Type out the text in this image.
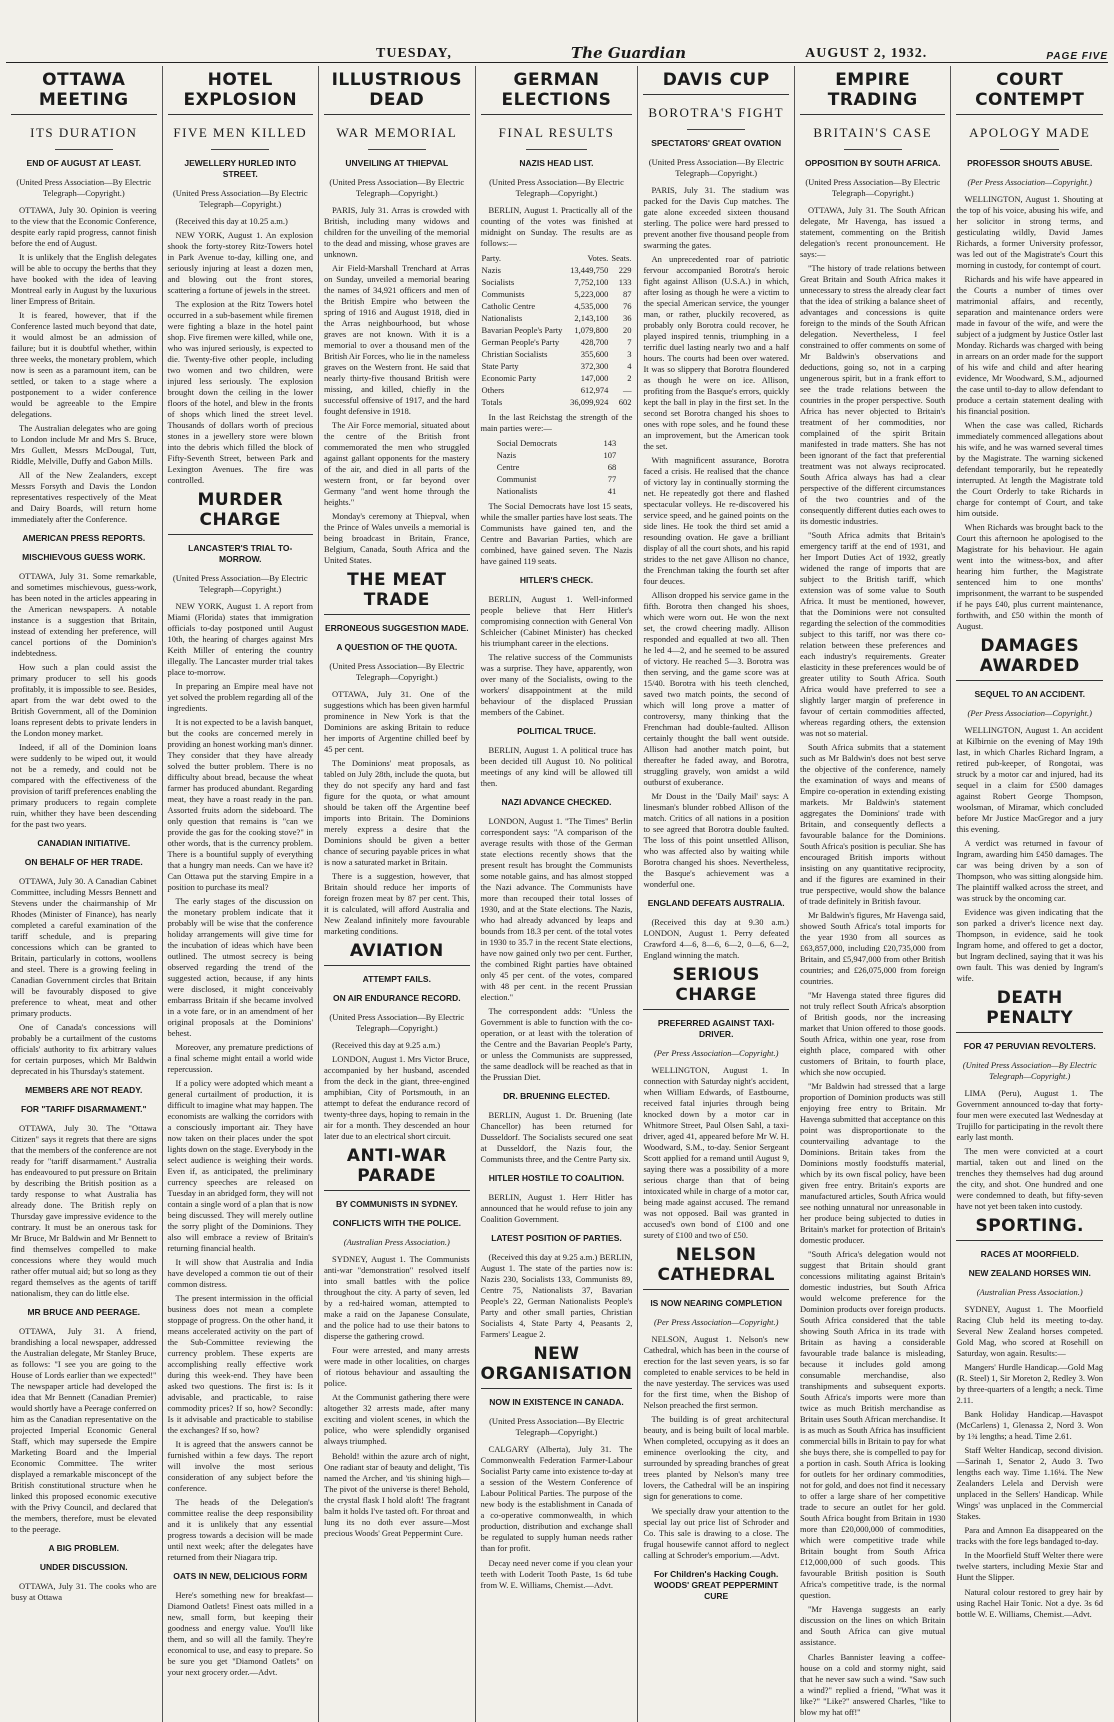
TUESDAY,	The Guardian	AUGUST 2, 1932.	PAGE FIVE
OTTAWA MEETING
ITS DURATION
END OF AUGUST AT LEAST.
(United Press Association—By Electric Telegraph—Copyright.)

OTTAWA, July 30. Opinion is veering to the view that the Economic Conference, despite early rapid progress, cannot finish before the end of August.

It is unlikely that the English delegates will be able to occupy the berths that they have booked with the idea of leaving Montreal early in August by the luxurious liner Empress of Britain.

It is feared, however, that if the Conference lasted much beyond that date, it would almost be an admission of failure; but it is doubtful whether, within three weeks, the monetary problem, which now is seen as a paramount item, can be settled, or taken to a stage where a postponement to a wider conference would be agreeable to the Empire delegations.

The Australian delegates who are going to London include Mr and Mrs S. Bruce, Mrs Gullett, Messrs McDougal, Tutt, Riddle, Melville, Duffy and Gabon Mills.

All of the New Zealanders, except Messrs Forsyth and Davis the London representatives respectively of the Meat and Dairy Boards, will return home immediately after the Conference.

AMERICAN PRESS REPORTS.
MISCHIEVOUS GUESS WORK.

OTTAWA, July 31. Some remarkable, and sometimes mischievous, guess-work, has been noted in the articles appearing in the American newspapers. A notable instance is a suggestion that Britain, instead of extending her preference, will cancel portions of the Dominion's indebtedness.

How such a plan could assist the primary producer to sell his goods profitably, it is impossible to see. Besides, apart from the war debt owed to the British Government, all of the Dominion loans represent debts to private lenders in the London money market.

Indeed, if all of the Dominion loans were suddenly to be wiped out, it would not be a remedy, and could not be compared with the effectiveness of the provision of tariff preferences enabling the primary producers to regain complete ruin, whither they have been descending for the past two years.

CANADIAN INITIATIVE.
ON BEHALF OF HER TRADE.

OTTAWA, July 30. A Canadian Cabinet Committee, including Messrs Bennett and Stevens under the chairmanship of Mr Rhodes (Minister of Finance), has nearly completed a careful examination of the tariff schedule, and is preparing concessions which can be granted to Britain, particularly in cottons, woollens and steel. There is a growing feeling in Canadian Government circles that Britain will be favourably disposed to give preference to wheat, meat and other primary products.

One of Canada's concessions will probably be a curtailment of the customs officials' authority to fix arbitrary values for certain purposes, which Mr Baldwin deprecated in his Thursday's statement.

MEMBERS ARE NOT READY.
FOR "TARIFF DISARMAMENT."

OTTAWA, July 30. The "Ottawa Citizen" says it regrets that there are signs that the members of the conference are not ready for "tariff disarmament." Australia has endeavoured to put pressure on Britain by describing the British position as a tardy response to what Australia has already done. The British reply on Thursday gave impressive evidence to the contrary. It must be an onerous task for Mr Bruce, Mr Baldwin and Mr Bennett to find themselves compelled to make concessions where they would much rather offer mutual aid; but so long as they regard themselves as the agents of tariff nationalism, they can do little else.

MR BRUCE AND PEERAGE.

OTTAWA, July 31. A friend, brandishing a local newspaper, addressed the Australian delegate, Mr Stanley Bruce, as follows: "I see you are going to the House of Lords earlier than we expected!" The newspaper article had developed the idea that Mr Bennett (Canadian Premier) would shortly have a Peerage conferred on him as the Canadian representative on the projected Imperial Economic General Staff, which may supersede the Empire Marketing Board and the Imperial Economic Committee. The writer displayed a remarkable misconcept of the British constitutional structure when he linked this proposed economic executive with the Privy Council, and declared that the members, therefore, must be elevated to the peerage.

A BIG PROBLEM.
UNDER DISCUSSION.

OTTAWA, July 31. The cooks who are busy at Ottawa

HOTEL EXPLOSION
FIVE MEN KILLED
JEWELLERY HURLED INTO STREET.
(United Press Association—By Electric Telegraph—Copyright.)

(Received this day at 10.25 a.m.)

NEW YORK, August 1. An explosion shook the forty-storey Ritz-Towers hotel in Park Avenue to-day, killing one, and seriously injuring at least a dozen men, and blowing out the front stores, scattering a fortune of jewels in the street.

The explosion at the Ritz Towers hotel occurred in a sub-basement while firemen were fighting a blaze in the hotel paint shop. Five firemen were killed, while one, who was injured seriously, is expected to die. Twenty-five other people, including two women and two children, were injured less seriously. The explosion brought down the ceiling in the lower floors of the hotel, and blew in the fronts of shops which lined the street level. Thousands of dollars worth of precious stones in a jewellery store were blown into the debris which filled the block of Fifty-Seventh Street, between Park and Lexington Avenues. The fire was controlled.

MURDER CHARGE
LANCASTER'S TRIAL TO-MORROW.
(United Press Association—By Electric Telegraph—Copyright.)

NEW YORK, August 1. A report from Miami (Florida) states that immigration officials to-day postponed until August 10th, the hearing of charges against Mrs Keith Miller of entering the country illegally. The Lancaster murder trial takes place to-morrow.

In preparing an Empire meal have not yet solved the problem regarding all of the ingredients.

It is not expected to be a lavish banquet, but the cooks are concerned merely in providing an honest working man's dinner. They consider that they have already solved the butter problem. There is no difficulty about bread, because the wheat farmer has produced abundant. Regarding meat, they have a roast ready in the pan. Assorted fruits adorn the sideboard. The only question that remains is "can we provide the gas for the cooking stove?" in other words, that is the currency problem. There is a bountiful supply of everything that a hungry man needs. Can we have it? Can Ottawa put the starving Empire in a position to purchase its meal?

The early stages of the discussion on the monetary problem indicate that it probably will be wise that the conference holiday arrangements will give time for the incubation of ideas which have been outlined. The utmost secrecy is being observed regarding the trend of the suggested action, because, if any hints were disclosed, it might conceivably embarrass Britain if she became involved in a vote fare, or in an amendment of her original proposals at the Dominions' behest.

Moreover, any premature predictions of a final scheme might entail a world wide repercussion.

If a policy were adopted which meant a general curtailment of production, it is difficult to imagine what may happen. The economists are walking the corridors with a consciously important air. They have now taken on their places under the spot lights down on the stage. Everybody in the select audience is weighing their words. Even if, as anticipated, the preliminary currency speeches are released on Tuesday in an abridged form, they will not contain a single word of a plan that is now being discussed. They will merely outline the sorry plight of the Dominions. They also will embrace a review of Britain's returning financial health.

It will show that Australia and India have developed a common tie out of their common distress.

The present intermission in the official business does not mean a complete stoppage of progress. On the other hand, it means accelerated activity on the part of the Sub-Committee reviewing the currency problem. These experts are accomplishing really effective work during this week-end. They have been asked two questions. The first is: Is it advisable, and practicable, to raise commodity prices? If so, how? Secondly: Is it advisable and practicable to stabilise the exchanges? If so, how?

It is agreed that the answers cannot be furnished within a few days. The report will involve the most serious consideration of any subject before the conference.

The heads of the Delegation's committee realise the deep responsibility and it is unlikely that any essential progress towards a decision will be made until next week; after the delegates have returned from their Niagara trip.

OATS IN NEW, DELICIOUS FORM

Here's something new for breakfast—Diamond Oatlets! Finest oats milled in a new, small form, but keeping their goodness and energy value. You'll like them, and so will all the family. They're economical to use, and easy to prepare. So be sure you get "Diamond Oatlets" on your next grocery order.—Advt.

ILLUSTRIOUS DEAD
WAR MEMORIAL
UNVEILING AT THIEPVAL
(United Press Association—By Electric Telegraph—Copyright.)

PARIS, July 31. Arras is crowded with British, including many widows and children for the unveiling of the memorial to the dead and missing, whose graves are unknown.

Air Field-Marshall Trenchard at Arras on Sunday, unveiled a memorial bearing the names of 34,921 officers and men of the British Empire who between the spring of 1916 and August 1918, died in the Arras neighbourhood, but whose graves are not known. With it is a memorial to over a thousand men of the British Air Forces, who lie in the nameless graves on the Western front. He said that nearly thirty-five thousand British were missing, and killed, chiefly in the successful offensive of 1917, and the hard fought defensive in 1918.

The Air Force memorial, situated about the centre of the British front commemorated the men who struggled against gallant opponents for the mastery of the air, and died in all parts of the western front, or far beyond over Germany "and went home through the heights."

Monday's ceremony at Thiepval, when the Prince of Wales unveils a memorial is being broadcast in Britain, France, Belgium, Canada, South Africa and the United States.

THE MEAT TRADE
ERRONEOUS SUGGESTION MADE.
A QUESTION OF THE QUOTA.
(United Press Association—By Electric Telegraph—Copyright.)

OTTAWA, July 31. One of the suggestions which has been given harmful prominence in New York is that the Dominions are asking Britain to reduce her imports of Argentine chilled beef by 45 per cent.

The Dominions' meat proposals, as tabled on July 28th, include the quota, but they do not specify any hard and fast figure for the quota, or what amount should be taken off the Argentine beef imports into Britain. The Dominions merely express a desire that the Dominions should be given a better chance of securing payable prices in what is now a saturated market in Britain.

There is a suggestion, however, that Britain should reduce her imports of foreign frozen meat by 87 per cent. This, it is calculated, will afford Australia and New Zealand infinitely more favourable marketing conditions.

AVIATION
ATTEMPT FAILS.
ON AIR ENDURANCE RECORD.
(United Press Association—By Electric Telegraph—Copyright.)

(Received this day at 9.25 a.m.)

LONDON, August 1. Mrs Victor Bruce, accompanied by her husband, ascended from the deck in the giant, three-engined amphibian, City of Portsmouth, in an attempt to defeat the endurance record of twenty-three days, hoping to remain in the air for a month. They descended an hour later due to an electrical short circuit.

ANTI-WAR PARADE
BY COMMUNISTS IN SYDNEY.
CONFLICTS WITH THE POLICE.
(Australian Press Association.)

SYDNEY, August 1. The Communists anti-war "demonstration" resolved itself into small battles with the police throughout the city. A party of seven, led by a red-haired woman, attempted to make a raid on the Japanese Consulate, and the police had to use their batons to disperse the gathering crowd.

Four were arrested, and many arrests were made in other localities, on charges of riotous behaviour and assaulting the police.

At the Communist gathering there were altogether 32 arrests made, after many exciting and violent scenes, in which the police, who were splendidly organised always triumphed.

Behold! within the azure arch of night, One radiant star of beauty and delight, 'Tis named the Archer, and 'tis shining high—The pivot of the universe is there! Behold, the crystal flask I hold aloft! The fragrant balm it holds I've tasted oft. For throat and lung its no doth ever assure—Most precious Woods' Great Peppermint Cure.

GERMAN ELECTIONS
FINAL RESULTS
NAZIS HEAD LIST.
(United Press Association—By Electric Telegraph—Copyright.)

BERLIN, August 1. Practically all of the counting of the votes was finished at midnight on Sunday. The results are as follows:—

Party.	Votes.	Seats.
Nazis	13,449,750	229
Socialists	7,752,100	133
Communists	5,223,000	87
Catholic Centre	4,535,000	76
Nationalists	2,143,100	36
Bavarian People's Party	1,079,800	20
German People's Party	428,700	7
Christian Socialists	355,600	3
State Party	372,300	4
Economic Party	147,000	2
Others	612,974	—
Totals	36,099,924	602

In the last Reichstag the strength of the main parties were:—

Social Democrats	143
Nazis	107
Centre	68
Communist	77
Nationalists	41

The Social Democrats have lost 15 seats, while the smaller parties have lost seats. The Communists have gained ten, and the Centre and Bavarian Parties, which are combined, have gained seven. The Nazis have gained 119 seats.

HITLER'S CHECK.

BERLIN, August 1. Well-informed people believe that Herr Hitler's compromising connection with General Von Schleicher (Cabinet Minister) has checked his triumphant career in the elections.

The relative success of the Communists was a surprise. They have, apparently, won over many of the Socialists, owing to the workers' disappointment at the mild behaviour of the displaced Prussian members of the Cabinet.

POLITICAL TRUCE.

BERLIN, August 1. A political truce has been decided till August 10. No political meetings of any kind will be allowed till then.

NAZI ADVANCE CHECKED.

LONDON, August 1. "The Times" Berlin correspondent says: "A comparison of the average results with those of the German state elections recently shows that the present result has brought the Communists some notable gains, and has almost stopped the Nazi advance. The Communists have more than recouped their total losses of 1930, and at the State elections. The Nazis, who had already advanced by leaps and bounds from 18.3 per cent. of the total votes in 1930 to 35.7 in the recent State elections, have now gained only two per cent. Further, the combined Right parties have obtained only 45 per cent. of the votes, compared with 48 per cent. in the recent Prussian election."

The correspondent adds: "Unless the Government is able to function with the co-operation, or at least with the toleration of the Centre and the Bavarian People's Party, or unless the Communists are suppressed, the same deadlock will be reached as that in the Prussian Diet.

DR. BRUENING ELECTED.

BERLIN, August 1. Dr. Bruening (late Chancellor) has been returned for Dusseldorf. The Socialists secured one seat at Dusseldorf, the Nazis four, the Communists three, and the Centre Party six.

HITLER HOSTILE TO COALITION.

BERLIN, August 1. Herr Hitler has announced that he would refuse to join any Coalition Government.

LATEST POSITION OF PARTIES.

(Received this day at 9.25 a.m.) BERLIN, August 1. The state of the parties now is: Nazis 230, Socialists 133, Communists 89, Centre 75, Nationalists 37, Bavarian People's 22, German Nationalists People's Party and other small parties, Christian Socialists 4, State Party 4, Peasants 2, Farmers' League 2.

NEW ORGANISATION
NOW IN EXISTENCE IN CANADA.
(United Press Association—By Electric Telegraph—Copyright.)

CALGARY (Alberta), July 31. The Commonwealth Federation Farmer-Labour Socialist Party came into existence to-day at a session of the Western Conference of Labour Political Parties. The purpose of the new body is the establishment in Canada of a co-operative commonwealth, in which production, distribution and exchange shall be regulated to supply human needs rather than for profit.

Decay need never come if you clean your teeth with Loderit Tooth Paste, 1s 6d tube from W. E. Williams, Chemist.—Advt.

DAVIS CUP
BOROTRA'S FIGHT
SPECTATORS' GREAT OVATION
(United Press Association—By Electric Telegraph—Copyright.)

PARIS, July 31. The stadium was packed for the Davis Cup matches. The gate alone exceeded sixteen thousand sterling. The police were hard pressed to prevent another five thousand people from swarming the gates.

An unprecedented roar of patriotic fervour accompanied Borotra's heroic fight against Allison (U.S.A.) in which, after losing as though he were a victim to the special American service, the younger man, or rather, pluckily recovered, as probably only Borotra could recover, he played inspired tennis, triumphing in a terrific duel lasting nearly two and a half hours. The courts had been over watered. It was so slippery that Borotra floundered as though he were on ice. Allison, profiting from the Basque's errors, quickly kept the ball in play in the first set. In the second set Borotra changed his shoes to ones with rope soles, and he found these an improvement, but the American took the set.

With magnificent assurance, Borotra faced a crisis. He realised that the chance of victory lay in continually storming the net. He repeatedly got there and flashed spectacular volleys. He re-discovered his service speed, and he gained points on the side lines. He took the third set amid a resounding ovation. He gave a brilliant display of all the court shots, and his rapid strides to the net gave Allison no chance, the Frenchman taking the fourth set after four deuces.

Allison dropped his service game in the fifth. Borotra then changed his shoes, which were worn out. He won the next set, the crowd cheering madly. Allison responded and equalled at two all. Then he led 4—2, and he seemed to be assured of victory. He reached 5—3. Borotra was then serving, and the game score was at 15/40. Borotra with his teeth clenched, saved two match points, the second of which will long prove a matter of controversy, many thinking that the Frenchman had double-faulted. Allison certainly thought the ball went outside. Allison had another match point, but thereafter he faded away, and Borotra, struggling gravely, won amidst a wild outburst of exuberance.

Mr Doust in the 'Daily Mail' says: A linesman's blunder robbed Allison of the match. Critics of all nations in a position to see agreed that Borotra double faulted. The loss of this point unsettled Allison, who was affected also by waiting while Borotra changed his shoes. Nevertheless, the Basque's achievement was a wonderful one.

ENGLAND DEFEATS AUSTRALIA.

(Received this day at 9.30 a.m.) LONDON, August 1. Perry defeated Crawford 4—6, 8—6, 6—2, 0—6, 6—2, England winning the match.

SERIOUS CHARGE
PREFERRED AGAINST TAXI-DRIVER.
(Per Press Association—Copyright.)

WELLINGTON, August 1. In connection with Saturday night's accident, when William Edwards, of Eastbourne, received fatal injuries through being knocked down by a motor car in Whitmore Street, Paul Olsen Sahl, a taxi-driver, aged 41, appeared before Mr W. H. Woodward, S.M., to-day. Senior Sergeant Scott applied for a remand until August 9, saying there was a possibility of a more serious charge than that of being intoxicated while in charge of a motor car, being made against accused. The remand was not opposed. Bail was granted in accused's own bond of £100 and one surety of £100 and two of £50.

NELSON CATHEDRAL
IS NOW NEARING COMPLETION
(Per Press Association—Copyright.)

NELSON, August 1. Nelson's new Cathedral, which has been in the course of erection for the last seven years, is so far completed to enable services to be held in the nave yesterday. The services was used for the first time, when the Bishop of Nelson preached the first sermon.

The building is of great architectural beauty, and is being built of local marble. When completed, occupying as it does an eminence overlooking the city, and surrounded by spreading branches of great trees planted by Nelson's many tree lovers, the Cathedral will be an inspiring sign for generations to come.

We specially draw your attention to the special lay out price list of Schroder and Co. This sale is drawing to a close. The frugal housewife cannot afford to neglect calling at Schroder's emporium.—Advt.

For Children's Hacking Cough. WOODS' GREAT PEPPERMINT CURE
EMPIRE TRADING
BRITAIN'S CASE
OPPOSITION BY SOUTH AFRICA.
(United Press Association—By Electric Telegraph—Copyright.)

OTTAWA, July 31. The South African delegate, Mr Havenga, has issued a statement, commenting on the British delegation's recent pronouncement. He says:—

"The history of trade relations between Great Britain and South Africa makes it unnecessary to stress the already clear fact that the idea of striking a balance sheet of advantages and concessions is quite foreign to the minds of the South African delegation. Nevertheless, I feel constrained to offer comments on some of Mr Baldwin's observations and deductions, going so, not in a carping ungenerous spirit, but in a frank effort to see the trade relations between the countries in the proper perspective. South Africa has never objected to Britain's treatment of her commodities, nor complained of the spirit Britain manifested in trade matters. She has not been ignorant of the fact that preferential treatment was not always reciprocated. South Africa always has had a clear perspective of the different circumstances of the two countries and of the consequently different duties each owes to its domestic industries.

"South Africa admits that Britain's emergency tariff at the end of 1931, and her Import Duties Act of 1932, greatly widened the range of imports that are subject to the British tariff, which extension was of some value to South Africa. It must be mentioned, however, that the Dominions were not consulted regarding the selection of the commodities subject to this tariff, nor was there co-relation between these preferences and each industry's requirements. Greater elasticity in these preferences would be of greater utility to South Africa. South Africa would have preferred to see a slightly larger margin of preference in favour of certain commodities affected, whereas regarding others, the extension was not so material.

South Africa submits that a statement such as Mr Baldwin's does not best serve the objective of the conference, namely the examination of ways and means of Empire co-operation in extending existing markets. Mr Baldwin's statement aggregates the Dominions' trade with Britain, and consequently deflects a favourable balance for the Dominions. South Africa's position is peculiar. She has encouraged British imports without insisting on any quantitative reciprocity, and if the figures are examined in their true perspective, would show the balance of trade definitely in British favour.

Mr Baldwin's figures, Mr Havenga said, showed South Africa's total imports for the year 1930 from all sources as £63,857,000, including £20,735,000 from Britain, and £5,947,000 from other British countries; and £26,075,000 from foreign countries.

"Mr Havenga stated three figures did not truly reflect South Africa's absorption of British goods, nor the increasing market that Union offered to those goods. South Africa, within one year, rose from eighth place, compared with other customers of Britain, to fourth place, which she now occupied.

"Mr Baldwin had stressed that a large proportion of Dominion products was still enjoying free entry to Britain. Mr Havenga submitted that acceptance on this point was disproportionate to the countervailing advantage to the Dominions. Britain takes from the Dominions mostly foodstuffs material, which by its own fiscal policy, have been given free entry. Britain's exports are manufactured articles, South Africa would see nothing unnatural nor unreasonable in her produce being subjected to duties in Britain's market for protection of Britain's domestic producer.

"South Africa's delegation would not suggest that Britain should grant concessions militating against Britain's domestic industries, but South Africa would welcome preference for the Dominion products over foreign products. South Africa considered that the table showing South Africa in its trade with Britain as having a considerable favourable trade balance is misleading, because it includes gold among consumable merchandise, also transhipments and subsequent exports. South Africa's imports were more than twice as much British merchandise as Britain uses South African merchandise. It is as much as South Africa has insufficient commercial bills in Britain to pay for what she buys there, she is compelled to pay for a portion in cash. South Africa is looking for outlets for her ordinary commodities, not for gold, and does not find it necessary to offer a large share of her competitive trade to secure an outlet for her gold. South Africa bought from Britain in 1930 more than £20,000,000 of commodities, which were competitive trade while Britain bought from South Africa £12,000,000 of such goods. This favourable British position is South Africa's competitive trade, is the normal question.

"Mr Havenga suggests an early discussion on the lines on which Britain and South Africa can give mutual assistance.

Charles Bannister leaving a coffee-house on a cold and stormy night, said that he never saw such a wind. "Saw such a wind?" replied a friend, "What was it like?" "Like?" answered Charles, "like to blow my hat off!"

COURT CONTEMPT
APOLOGY MADE
PROFESSOR SHOUTS ABUSE.
(Per Press Association—Copyright.)

WELLINGTON, August 1. Shouting at the top of his voice, abusing his wife, and her solicitor in strong terms, and gesticulating wildly, David James Richards, a former University professor, was led out of the Magistrate's Court this morning in custody, for contempt of court.

Richards and his wife have appeared in the Courts a number of times over matrimonial affairs, and recently, separation and maintenance orders were made in favour of the wife, and were the subject of a judgment by Justice Ostler last Monday. Richards was charged with being in arrears on an order made for the support of his wife and child and after hearing evidence, Mr Woodward, S.M., adjourned the case until to-day to allow defendant to produce a certain statement dealing with his financial position.

When the case was called, Richards immediately commenced allegations about his wife, and he was warned several times by the Magistrate. The warning sickened defendant temporarily, but he repeatedly interrupted. At length the Magistrate told the Court Orderly to take Richards in charge for contempt of Court, and take him outside.

When Richards was brought back to the Court this afternoon he apologised to the Magistrate for his behaviour. He again went into the witness-box, and after hearing him further, the Magistrate sentenced him to one months' imprisonment, the warrant to be suspended if he pays £40, plus current maintenance, forthwith, and £50 within the month of August.

DAMAGES AWARDED
SEQUEL TO AN ACCIDENT.
(Per Press Association—Copyright.)

WELLINGTON, August 1. An accident at Kilbirnie on the evening of May 19th last, in which Charles Richard Ingram, a retired pub-keeper, of Rongotai, was struck by a motor car and injured, had its sequel in a claim for £500 damages against Robert George Thompson, woolsman, of Miramar, which concluded before Mr Justice MacGregor and a jury this evening.

A verdict was returned in favour of Ingram, awarding him £450 damages. The car was being driven by a son of Thompson, who was sitting alongside him. The plaintiff walked across the street, and was struck by the oncoming car.

Evidence was given indicating that the son parked a driver's licence next day. Thompson, in evidence, said he took Ingram home, and offered to get a doctor, but Ingram declined, saying that it was his own fault. This was denied by Ingram's wife.

DEATH PENALTY
FOR 47 PERUVIAN REVOLTERS.
(United Press Association—By Electric Telegraph—Copyright.)

LIMA (Peru), August 1. The Government announced to-day that forty-four men were executed last Wednesday at Trujillo for participating in the revolt there early last month.

The men were convicted at a court martial, taken out and lined on the trenches they themselves had dug around the city, and shot. One hundred and one were condemned to death, but fifty-seven have not yet been taken into custody.

SPORTING.
RACES AT MOORFIELD.
NEW ZEALAND HORSES WIN.
(Australian Press Association.)

SYDNEY, August 1. The Moorfield Racing Club held its meeting to-day. Several New Zealand horses competed. Gold Mag, who scored at Rosehill on Saturday, won again. Results:—

Mangers' Hurdle Handicap.—Gold Mag (R. Steel) 1, Sir Moreton 2, Redley 3. Won by three-quarters of a length; a neck. Time 2.11.

Bank Holiday Handicap.—Havaspot (McCarlens) 1, Glenassa 2, Nord 3. Won by 1¾ lengths; a head. Time 2.61.

Staff Welter Handicap, second division.—Sarinah 1, Senator 2, Audo 3. Two lengths each way. Time 1.16¼. The New Zealanders Lelela and Dervish were unplaced in the Sellers' Handicap. While Wings' was unplaced in the Commercial Stakes.

Para and Amnon Ea disappeared on the tracks with the fore legs bandaged to-day.

In the Moorfield Stuff Welter there were twelve starters, including Mexie Star and Hunt the Slipper.

Natural colour restored to grey hair by using Rachel Hair Tonic. Not a dye. 3s 6d bottle W. E. Williams, Chemist.—Advt.
